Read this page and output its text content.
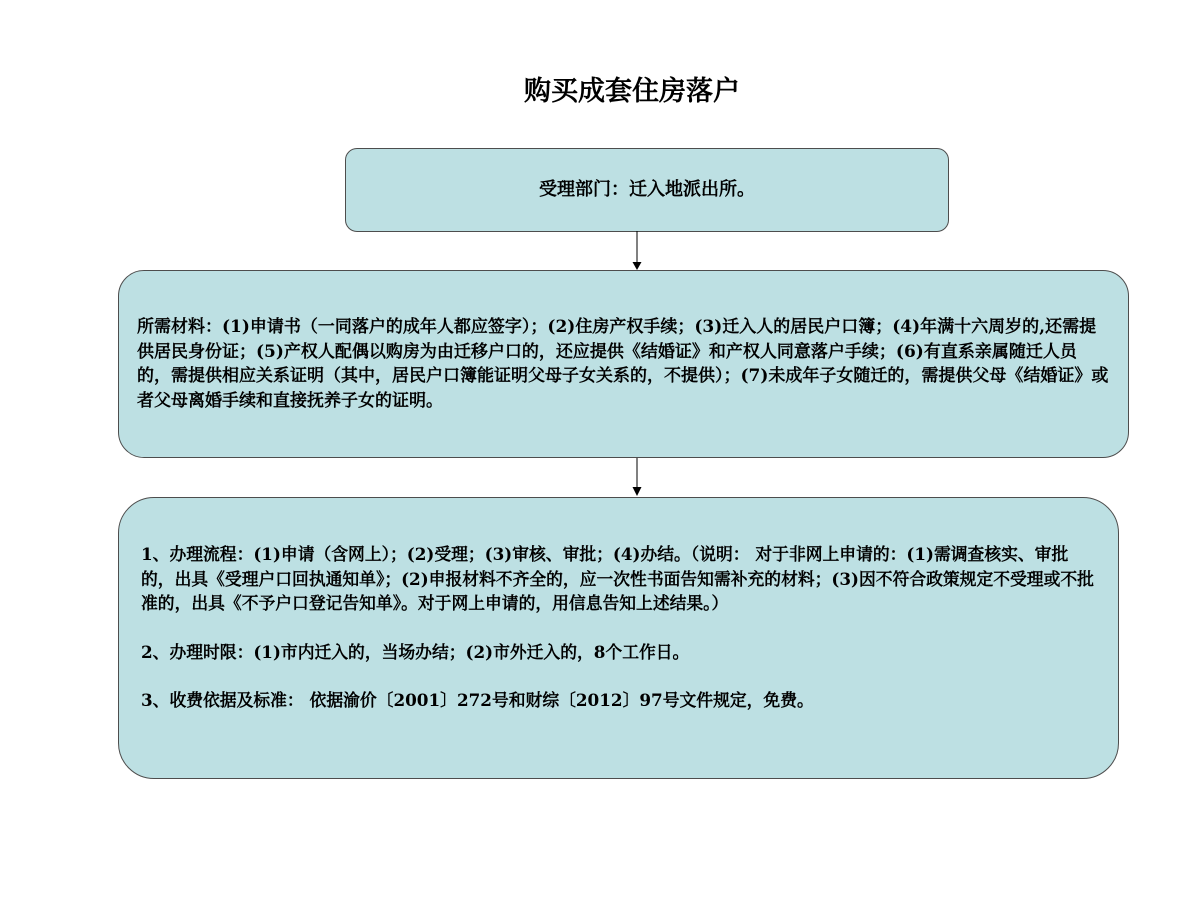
购买成套住房落户
受理部门：迁入地派出所。
所需材料：(1)申请书（一同落户的成年人都应签字）；(2)住房产权手续；(3)迁入人的居民户口簿；(4)年满十六周岁的,还需提供居民身份证；(5)产权人配偶以购房为由迁移户口的，还应提供《结婚证》和产权人同意落户手续；(6)有直系亲属随迁人员的，需提供相应关系证明（其中，居民户口簿能证明父母子女关系的，不提供）；(7)未成年子女随迁的，需提供父母《结婚证》或者父母离婚手续和直接抚养子女的证明。

1、办理流程：(1)申请（含网上）；(2)受理；(3)审核、审批；(4)办结。（说明： 对于非网上申请的：(1)需调查核实、审批的，出具《受理户口回执通知单》；(2)申报材料不齐全的，应一次性书面告知需补充的材料；(3)因不符合政策规定不受理或不批准的，出具《不予户口登记告知单》。对于网上申请的，用信息告知上述结果。）

2、办理时限：(1)市内迁入的，当场办结；(2)市外迁入的，8个工作日。

3、收费依据及标准： 依据渝价〔2001〕272号和财综〔2012〕97号文件规定，免费。
